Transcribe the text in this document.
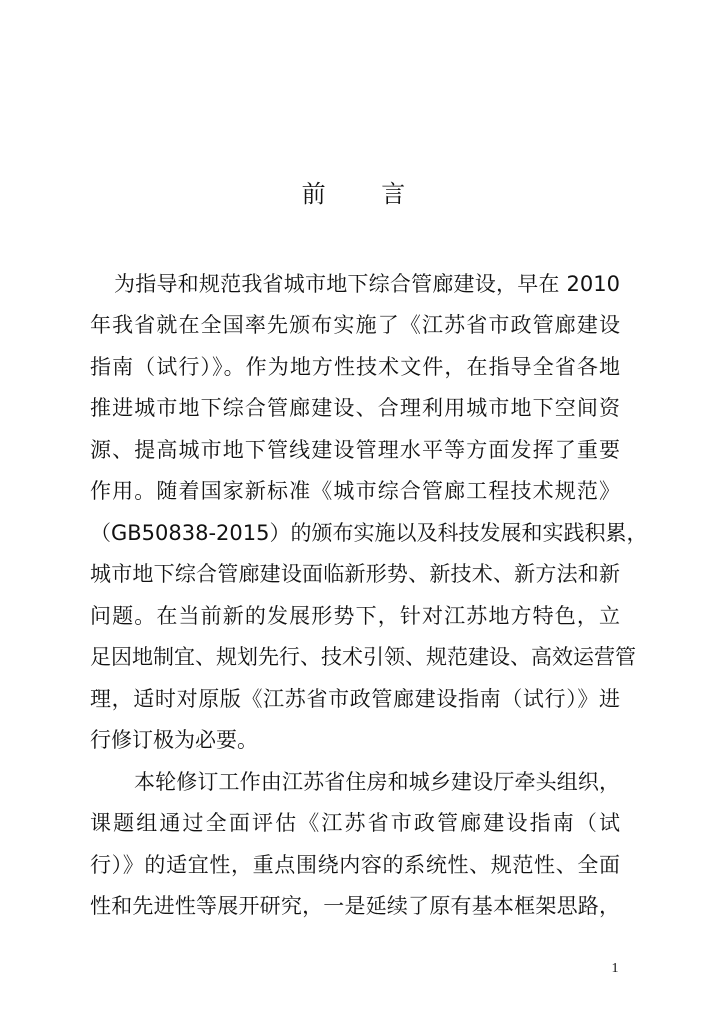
前 言
为指导和规范我省城市地下综合管廊建设，早在 2010
年我省就在全国率先颁布实施了《江苏省市政管廊建设
指南（试行）》。作为地方性技术文件，在指导全省各地
推进城市地下综合管廊建设、合理利用城市地下空间资
源、提高城市地下管线建设管理水平等方面发挥了重要
作用。随着国家新标准《城市综合管廊工程技术规范》
（GB50838-2015）的颁布实施以及科技发展和实践积累，
城市地下综合管廊建设面临新形势、新技术、新方法和新
问题。在当前新的发展形势下，针对江苏地方特色，立
足因地制宜、规划先行、技术引领、规范建设、高效运营管
理，适时对原版《江苏省市政管廊建设指南（试行）》进
行修订极为必要。
本轮修订工作由江苏省住房和城乡建设厅牵头组织，
课题组通过全面评估《江苏省市政管廊建设指南（试
行）》的适宜性，重点围绕内容的系统性、规范性、全面
性和先进性等展开研究，一是延续了原有基本框架思路，
1
